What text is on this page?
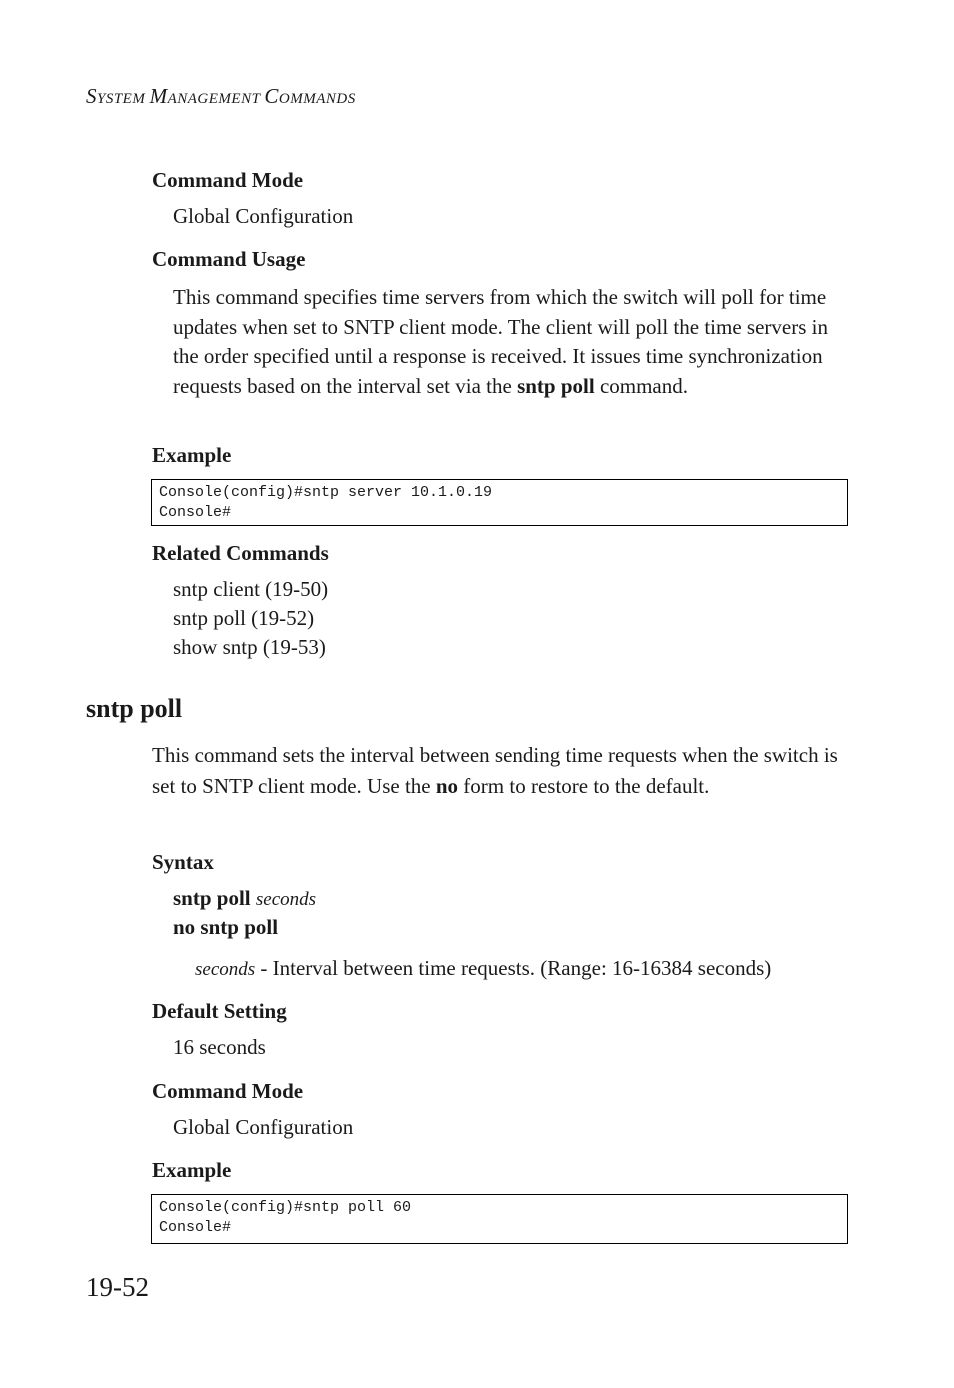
SYSTEM MANAGEMENT COMMANDS
Command Mode
Global Configuration
Command Usage
This command specifies time servers from which the switch will poll for time updates when set to SNTP client mode. The client will poll the time servers in the order specified until a response is received. It issues time synchronization requests based on the interval set via the sntp poll command.
Example
Console(config)#sntp server 10.1.0.19
Console#
Related Commands
sntp client (19-50)
sntp poll (19-52)
show sntp (19-53)
sntp poll
This command sets the interval between sending time requests when the switch is set to SNTP client mode. Use the no form to restore to the default.
Syntax
sntp poll seconds
no sntp poll
seconds - Interval between time requests. (Range: 16-16384 seconds)
Default Setting
16 seconds
Command Mode
Global Configuration
Example
Console(config)#sntp poll 60
Console#
19-52
